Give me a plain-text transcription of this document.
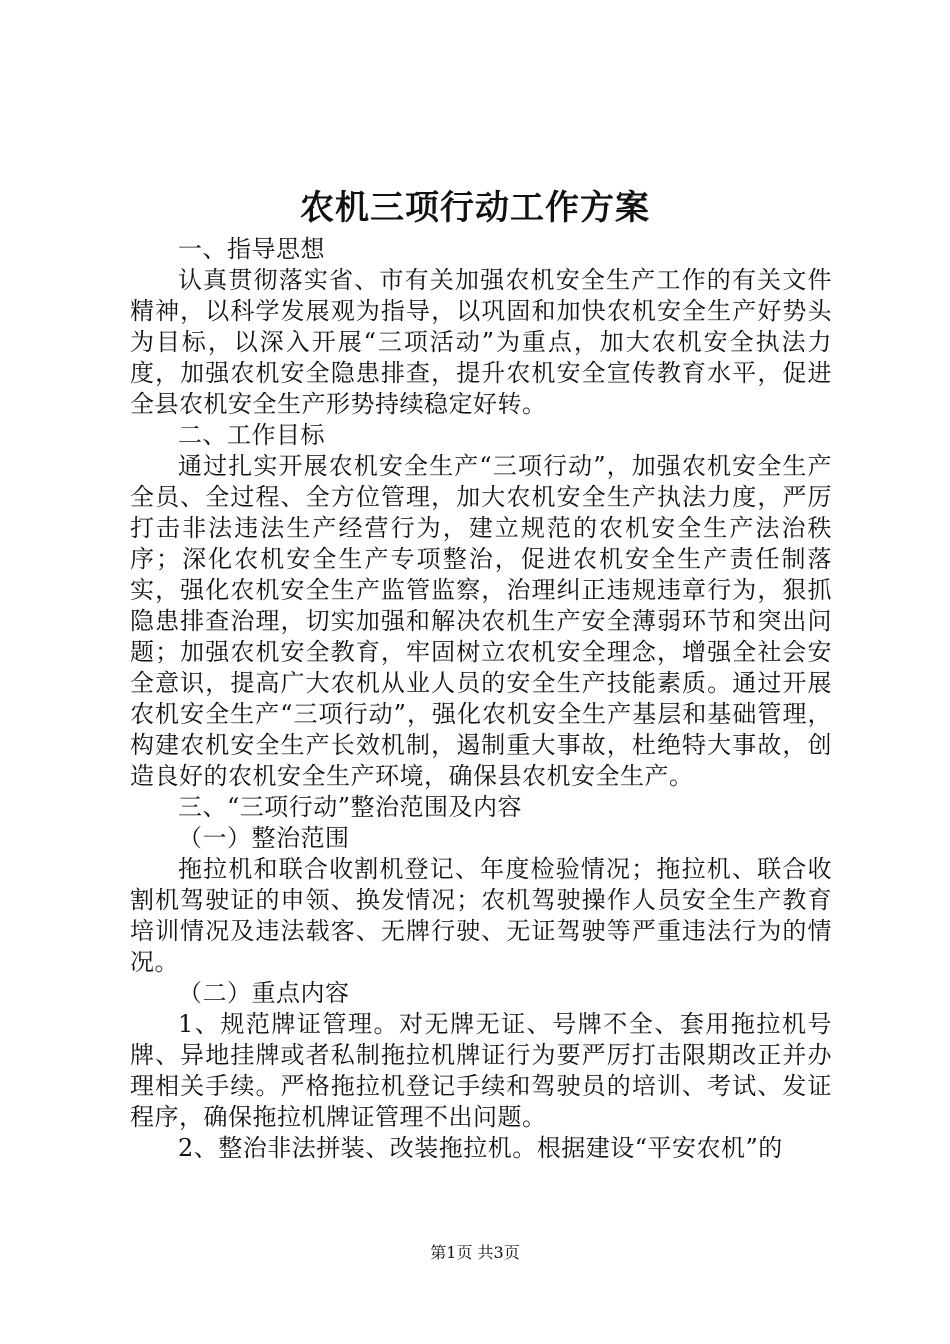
农机三项行动工作方案

一、指导思想

认真贯彻落实省、市有关加强农机安全生产工作的有关文件精神，以科学发展观为指导，以巩固和加快农机安全生产好势头为目标，以深入开展“三项活动”为重点，加大农机安全执法力度，加强农机安全隐患排查，提升农机安全宣传教育水平，促进全县农机安全生产形势持续稳定好转。

二、工作目标

通过扎实开展农机安全生产“三项行动”，加强农机安全生产全员、全过程、全方位管理，加大农机安全生产执法力度，严厉打击非法违法生产经营行为，建立规范的农机安全生产法治秩序；深化农机安全生产专项整治，促进农机安全生产责任制落实，强化农机安全生产监管监察，治理纠正违规违章行为，狠抓隐患排查治理，切实加强和解决农机生产安全薄弱环节和突出问题；加强农机安全教育，牢固树立农机安全理念，增强全社会安全意识，提高广大农机从业人员的安全生产技能素质。通过开展农机安全生产“三项行动”，强化农机安全生产基层和基础管理，构建农机安全生产长效机制，遏制重大事故，杜绝特大事故，创造良好的农机安全生产环境，确保县农机安全生产。

三、“三项行动”整治范围及内容

（一）整治范围

拖拉机和联合收割机登记、年度检验情况；拖拉机、联合收割机驾驶证的申领、换发情况；农机驾驶操作人员安全生产教育培训情况及违法载客、无牌行驶、无证驾驶等严重违法行为的情况。

（二）重点内容

1、规范牌证管理。对无牌无证、号牌不全、套用拖拉机号牌、异地挂牌或者私制拖拉机牌证行为要严厉打击限期改正并办理相关手续。严格拖拉机登记手续和驾驶员的培训、考试、发证程序，确保拖拉机牌证管理不出问题。

2、整治非法拼装、改装拖拉机。根据建设“平安农机”的

第1页 共3页
